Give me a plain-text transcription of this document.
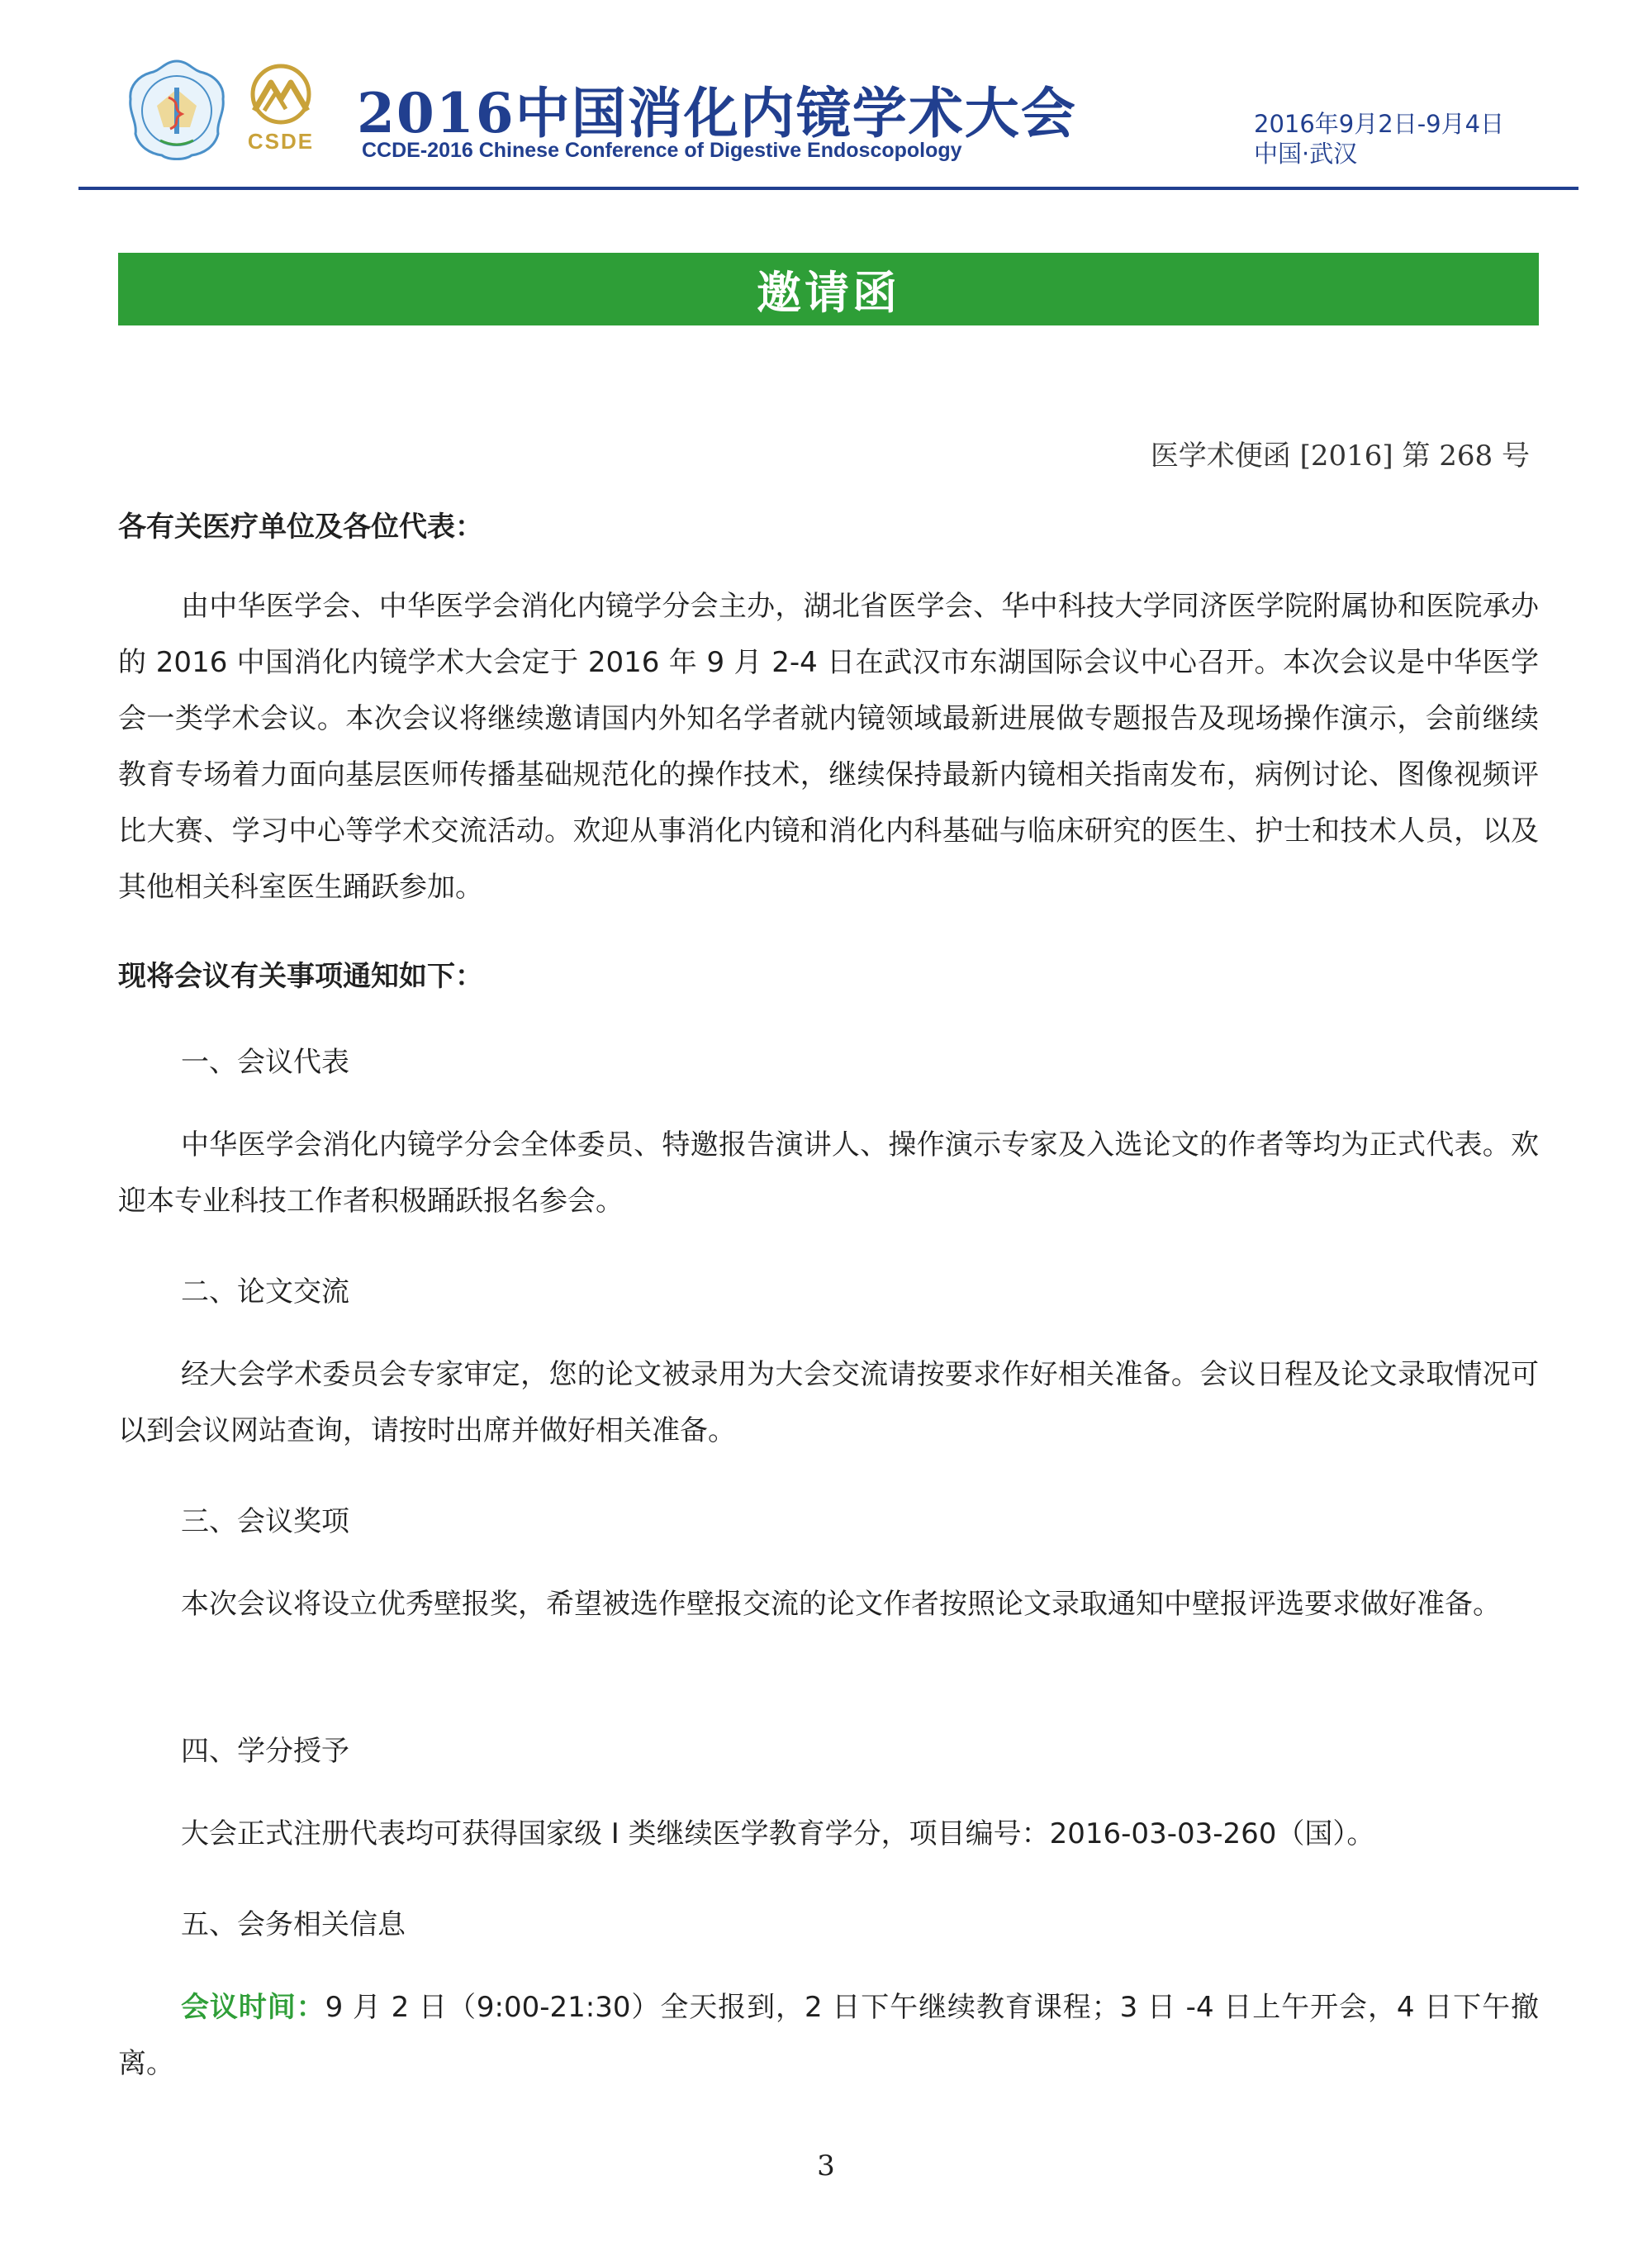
CSDE 2016中国消化内镜学术大会
CCDE-2016 Chinese Conference of Digestive Endoscopology
2016年9月2日-9月4日
中国·武汉
邀请函
医学术便函 [2016] 第 268 号
各有关医疗单位及各位代表：
由中华医学会、中华医学会消化内镜学分会主办，湖北省医学会、华中科技大学同济医学院附属协和医院承办的 2016 中国消化内镜学术大会定于 2016 年 9 月 2-4 日在武汉市东湖国际会议中心召开。本次会议是中华医学会一类学术会议。本次会议将继续邀请国内外知名学者就内镜领域最新进展做专题报告及现场操作演示，会前继续教育专场着力面向基层医师传播基础规范化的操作技术，继续保持最新内镜相关指南发布，病例讨论、图像视频评比大赛、学习中心等学术交流活动。欢迎从事消化内镜和消化内科基础与临床研究的医生、护士和技术人员，以及其他相关科室医生踊跃参加。
现将会议有关事项通知如下：
一、会议代表
中华医学会消化内镜学分会全体委员、特邀报告演讲人、操作演示专家及入选论文的作者等均为正式代表。欢迎本专业科技工作者积极踊跃报名参会。
二、论文交流
经大会学术委员会专家审定，您的论文被录用为大会交流请按要求作好相关准备。会议日程及论文录取情况可以到会议网站查询，请按时出席并做好相关准备。
三、会议奖项
本次会议将设立优秀壁报奖，希望被选作壁报交流的论文作者按照论文录取通知中壁报评选要求做好准备。
四、学分授予
大会正式注册代表均可获得国家级 I 类继续医学教育学分，项目编号：2016-03-03-260（国）。
五、会务相关信息
会议时间：9 月 2 日（9:00-21:30）全天报到，2 日下午继续教育课程；3 日 -4 日上午开会，4 日下午撤离。
3
